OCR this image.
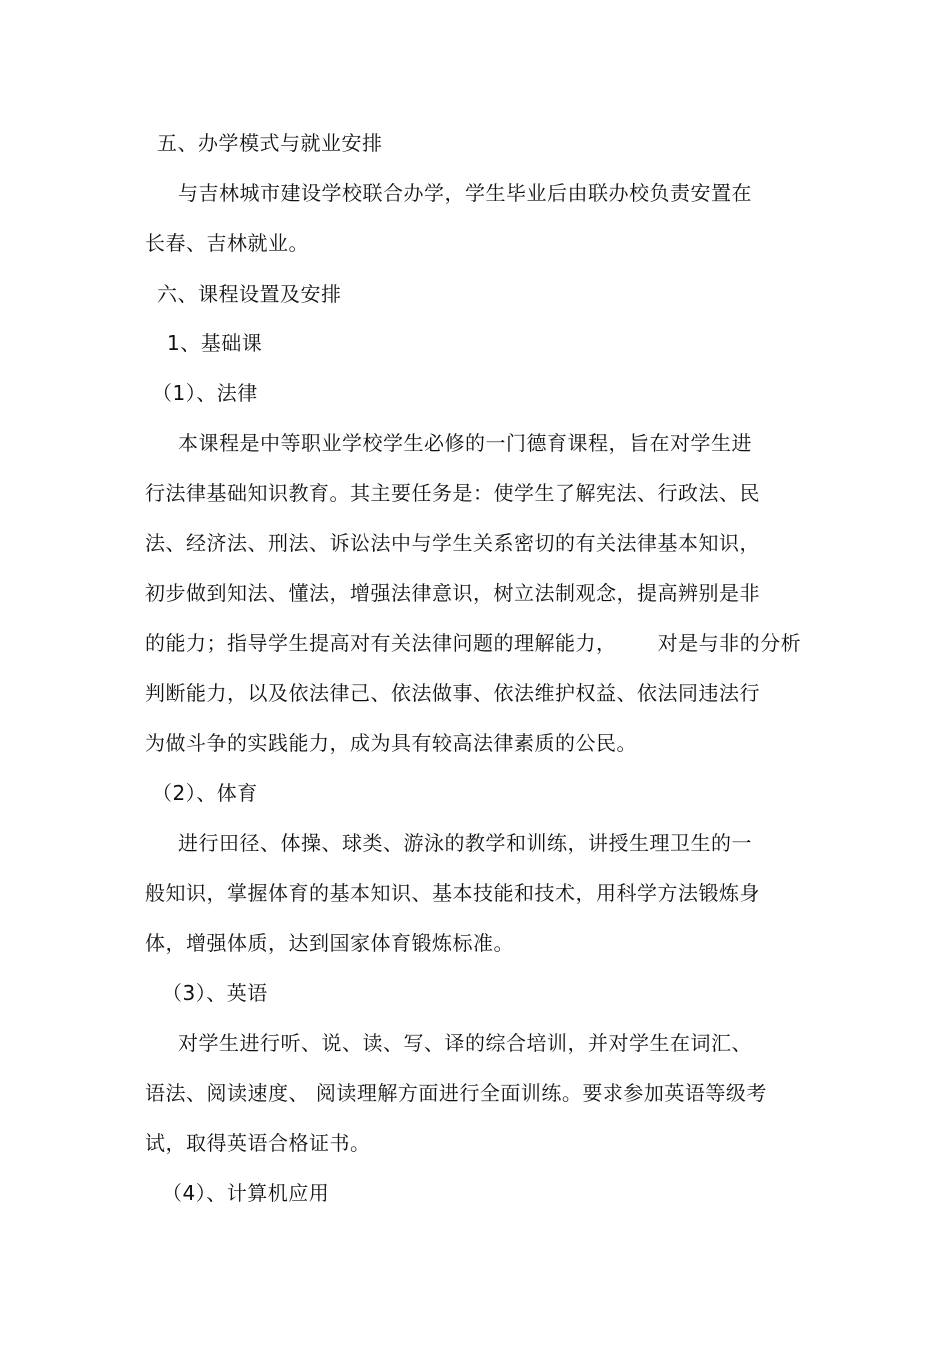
五、办学模式与就业安排
与吉林城市建设学校联合办学，学生毕业后由联办校负责安置在
长春、吉林就业。
六、课程设置及安排
1、基础课
（1）、法律
本课程是中等职业学校学生必修的一门德育课程，旨在对学生进
行法律基础知识教育。其主要任务是：使学生了解宪法、行政法、民
法、经济法、刑法、诉讼法中与学生关系密切的有关法律基本知识，
初步做到知法、懂法，增强法律意识，树立法制观念，提高辨别是非
的能力；指导学生提高对有关法律问题的理解能力，      对是与非的分析
判断能力，以及依法律己、依法做事、依法维护权益、依法同违法行
为做斗争的实践能力，成为具有较高法律素质的公民。
（2）、体育
进行田径、体操、球类、游泳的教学和训练，讲授生理卫生的一
般知识，掌握体育的基本知识、基本技能和技术，用科学方法锻炼身
体，增强体质，达到国家体育锻炼标准。
（3）、英语
对学生进行听、说、读、写、译的综合培训，并对学生在词汇、
语法、阅读速度、 阅读理解方面进行全面训练。要求参加英语等级考
试，取得英语合格证书。
（4）、计算机应用
